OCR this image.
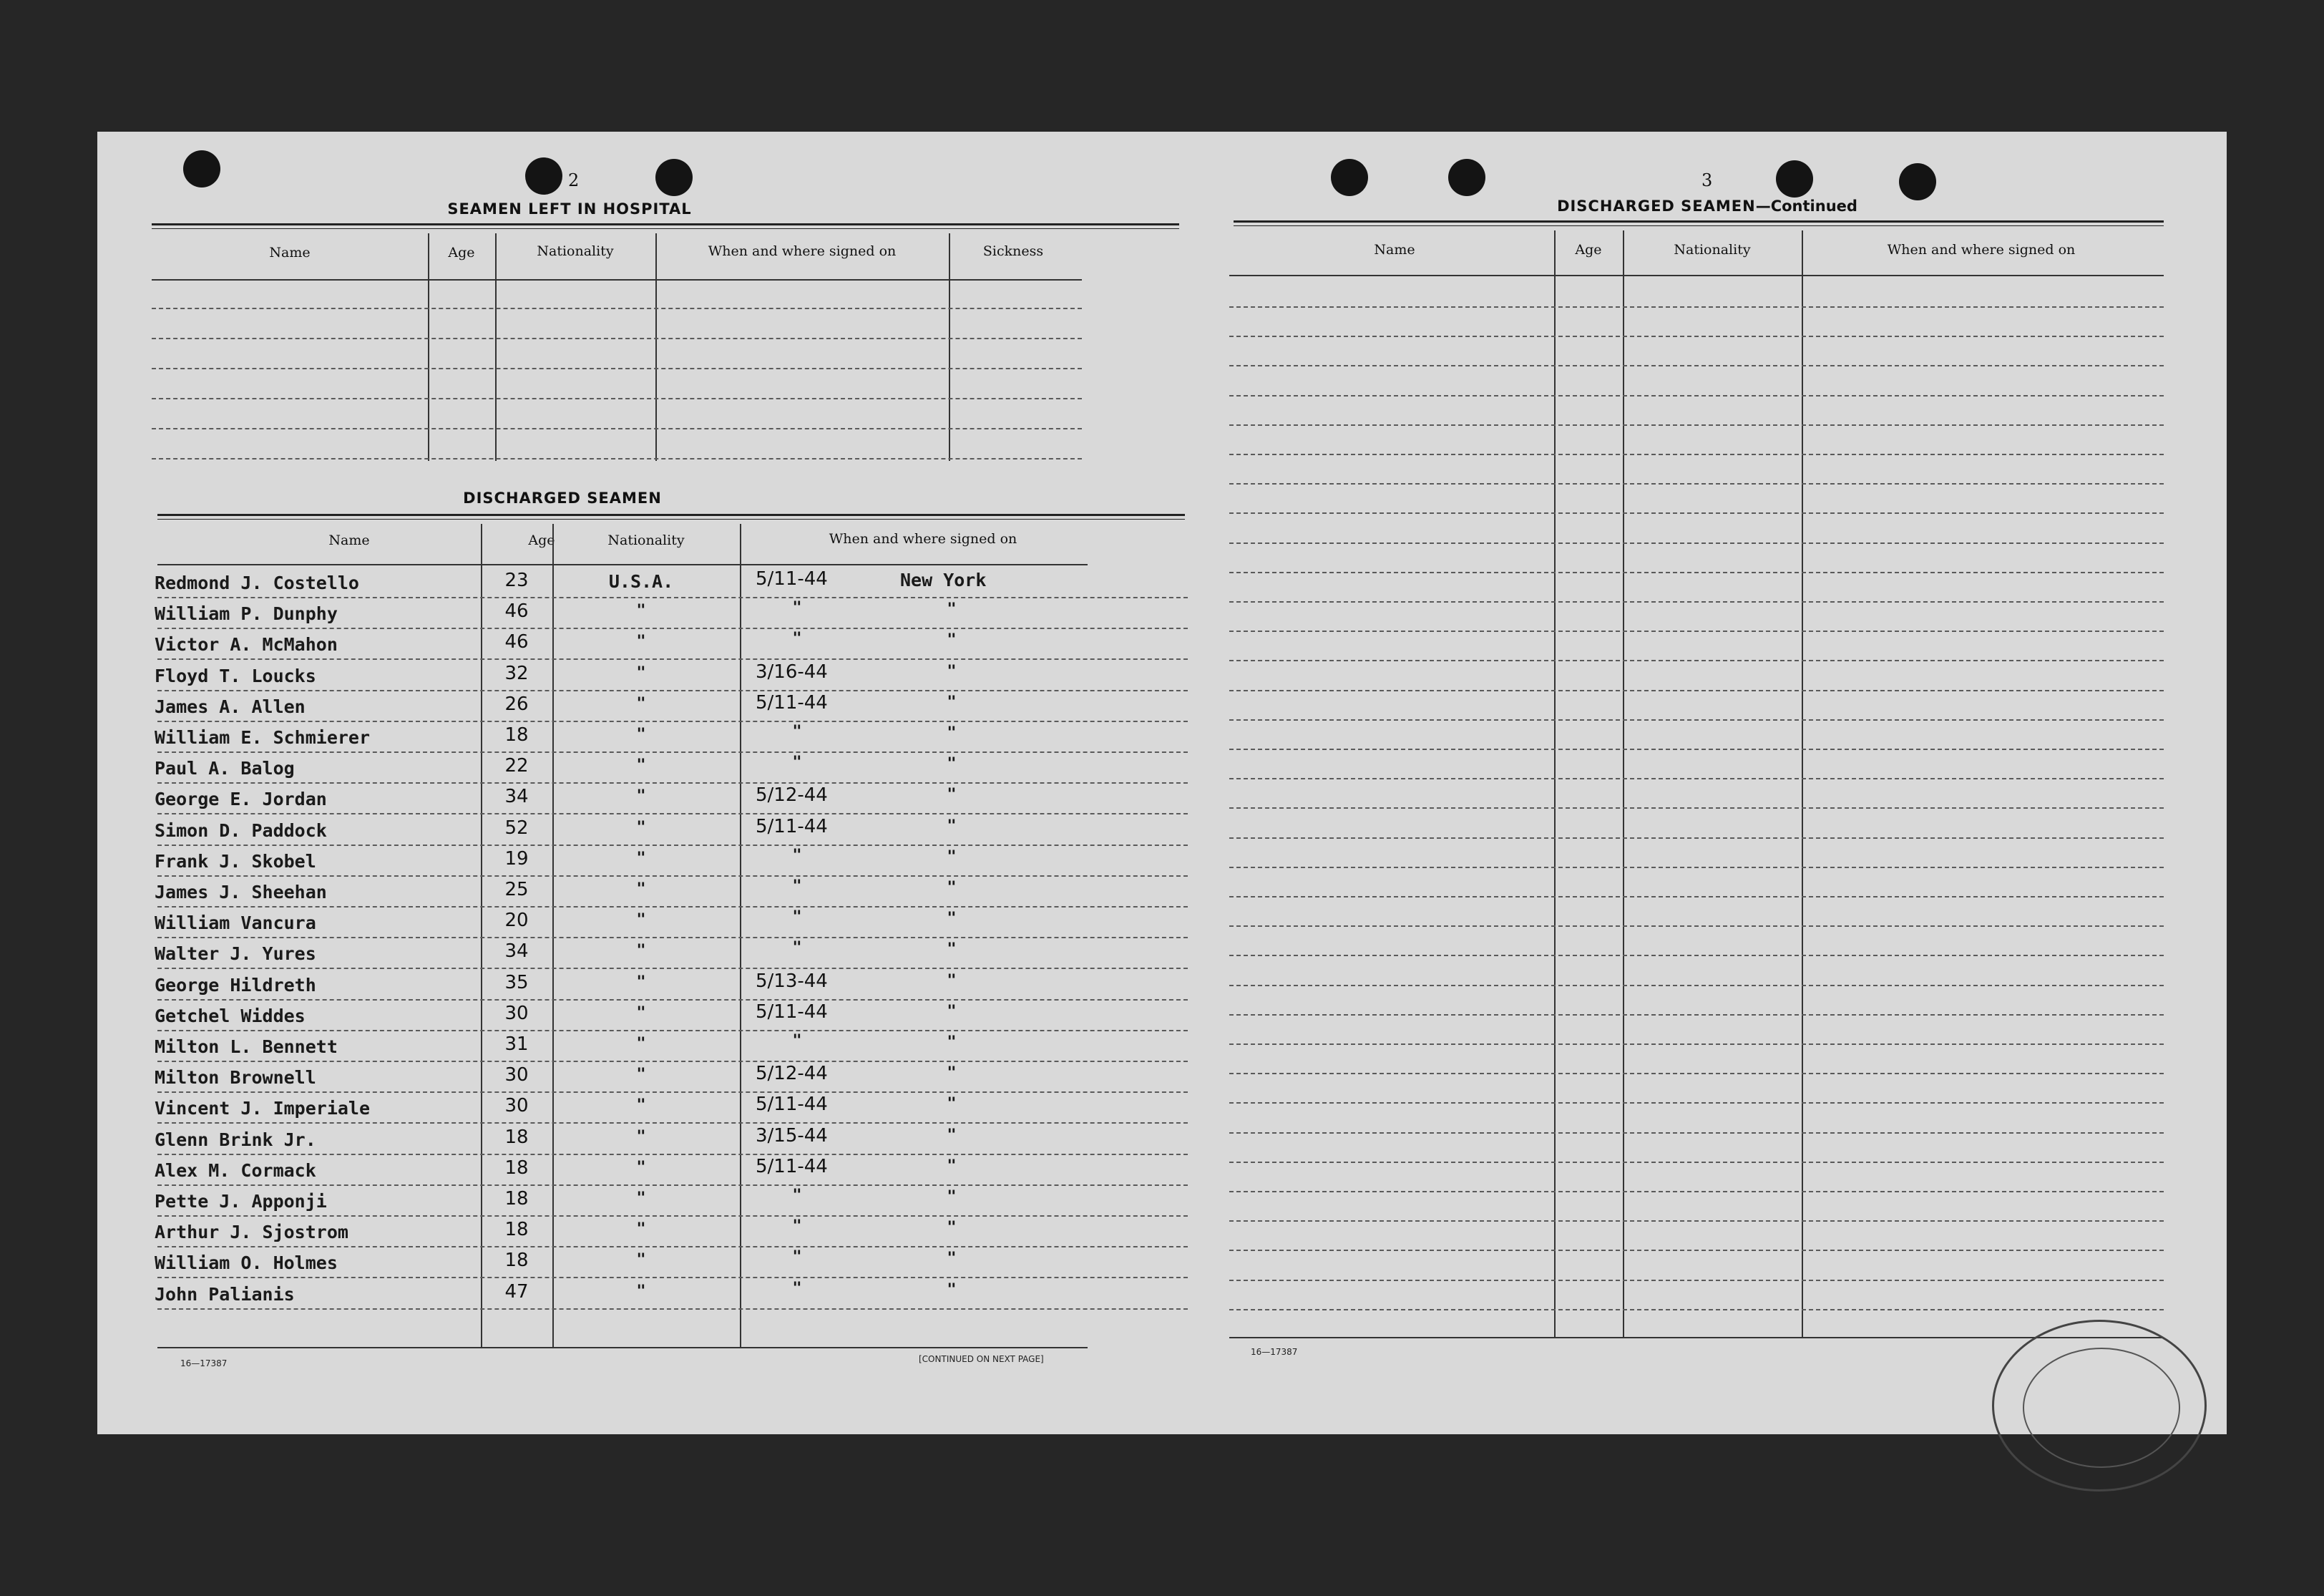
2
SEAMEN LEFT IN HOSPITAL
Name	Age	Nationality	When and where signed on	Sickness
DISCHARGED SEAMEN
Name	Age	Nationality	When and where signed on
Redmond J. Costello	23	U.S.A.	5/11-44	New York
William P. Dunphy	46	"	"	"
Victor A. McMahon	46	"	"	"
Floyd T. Loucks	32	"	3/16-44	"
James A. Allen	26	"	5/11-44	"
William E. Schmierer	18	"	"	"
Paul A. Balog	22	"	"	"
George E. Jordan	34	"	5/12-44	"
Simon D. Paddock	52	"	5/11-44	"
Frank J. Skobel	19	"	"	"
James J. Sheehan	25	"	"	"
William Vancura	20	"	"	"
Walter J. Yures	34	"	"	"
George Hildreth	35	"	5/13-44	"
Getchel Widdes	30	"	5/11-44	"
Milton L. Bennett	31	"	"	"
Milton Brownell	30	"	5/12-44	"
Vincent J. Imperiale	30	"	5/11-44	"
Glenn Brink Jr.	18	"	3/15-44	"
Alex M. Cormack	18	"	5/11-44	"
Pette J. Apponji	18	"	"	"
Arthur J. Sjostrom	18	"	"	"
William O. Holmes	18	"	"	"
John Palianis	47	"	"	"
16—17387	[CONTINUED ON NEXT PAGE]
3
DISCHARGED SEAMEN—Continued
Name	Age	Nationality	When and where signed on
16—17387
